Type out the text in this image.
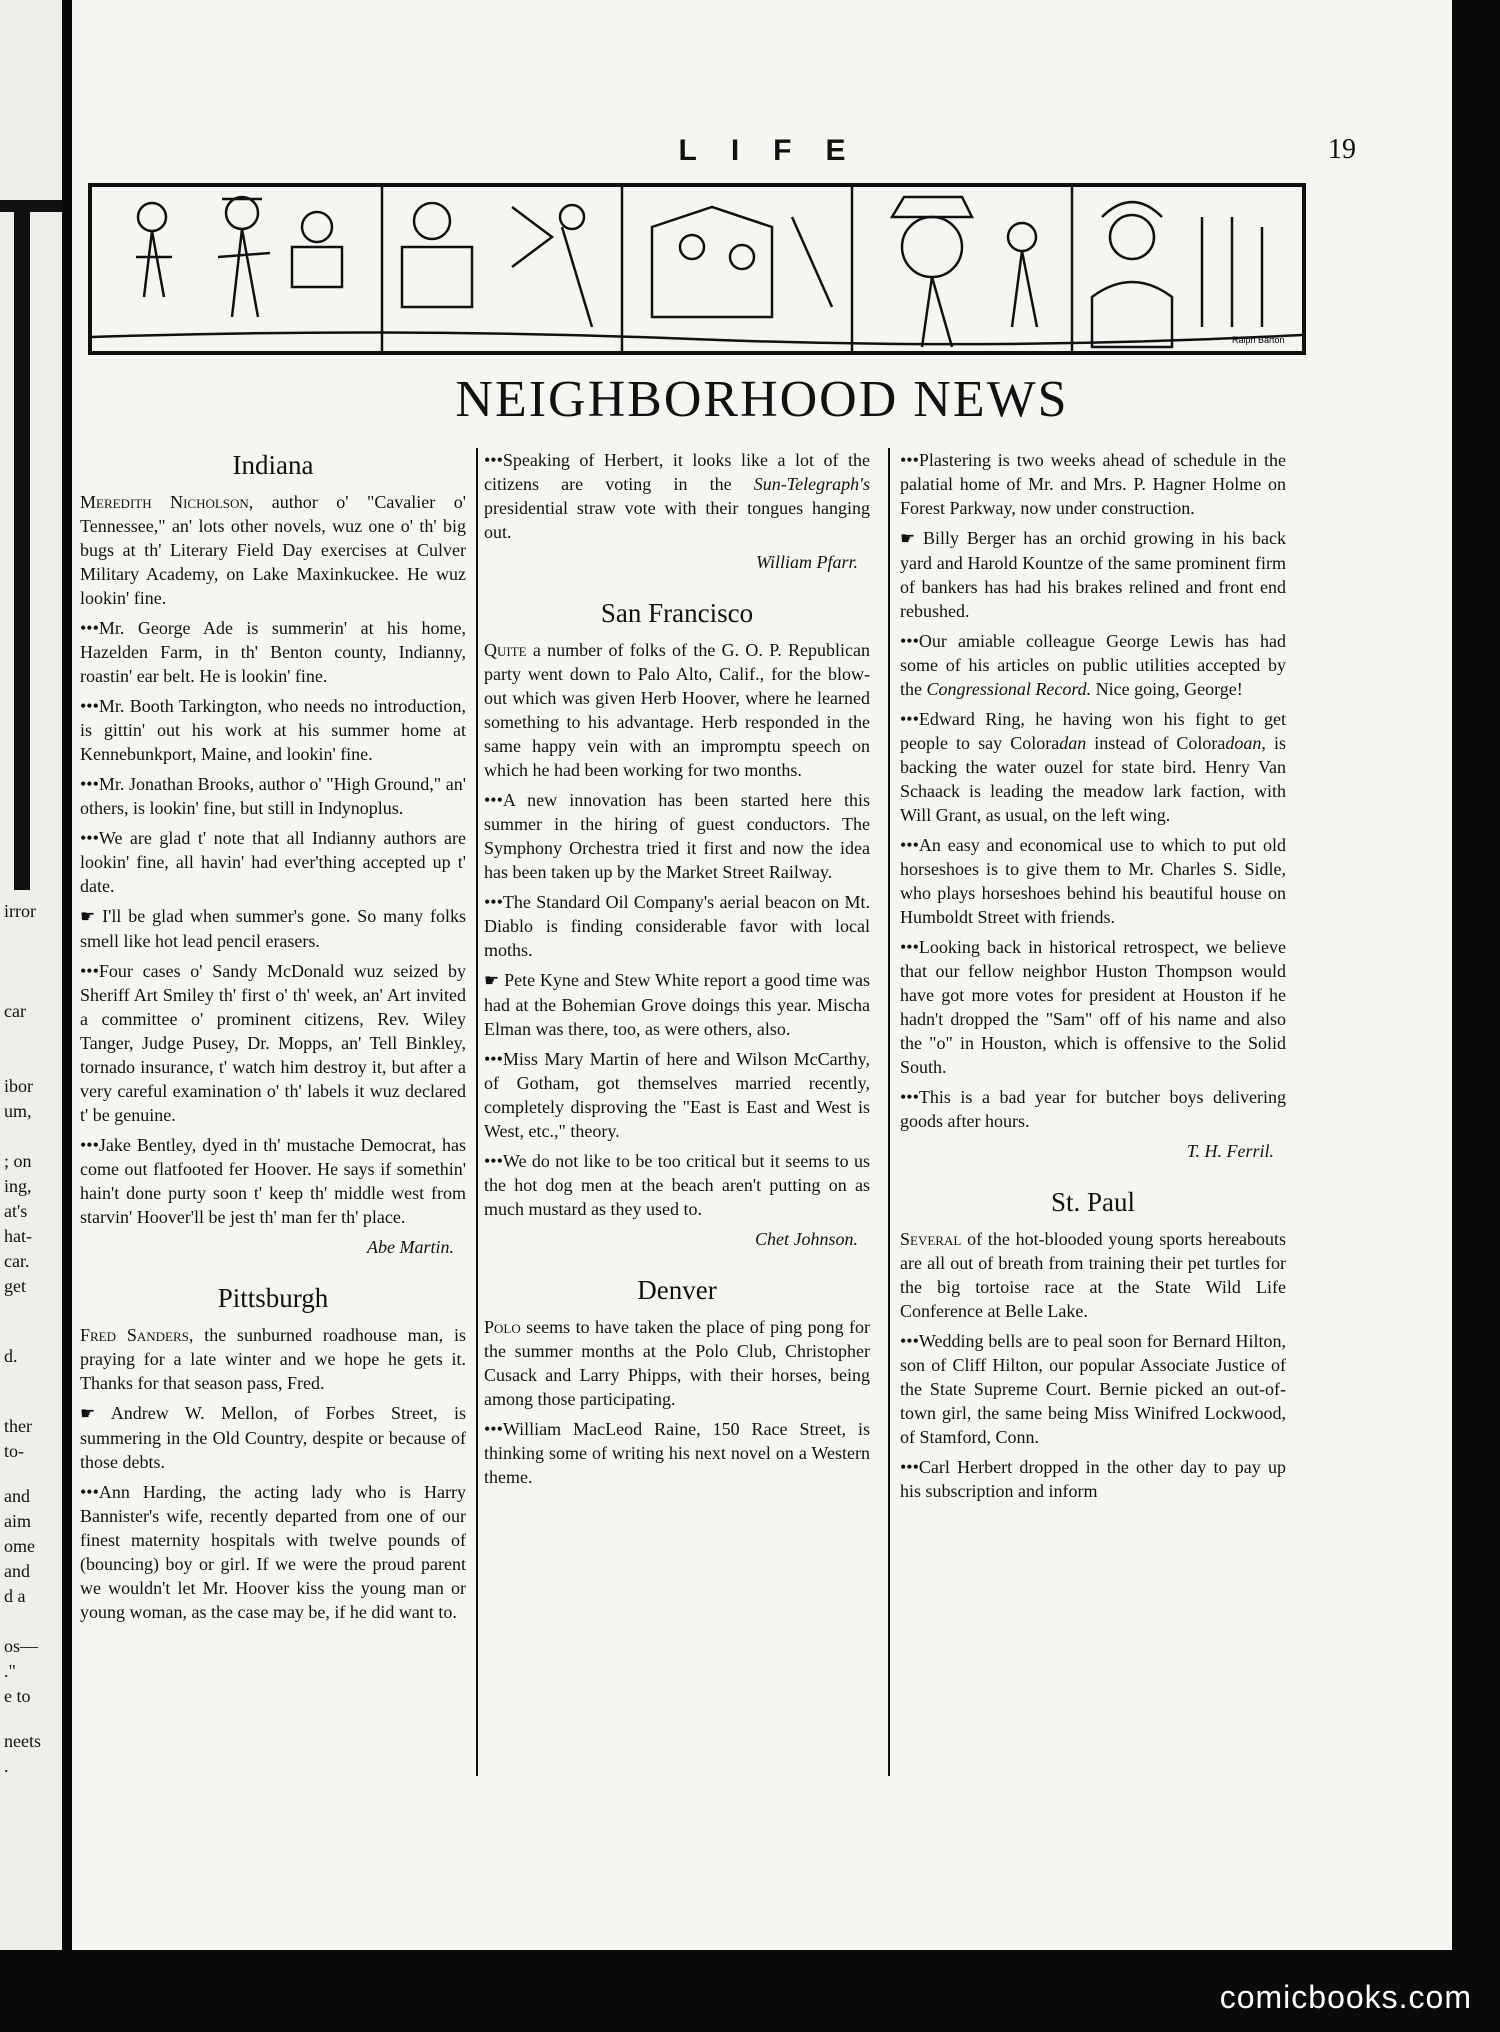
irror
car
ibor
um,
; on
ing,
at's
hat-
car.
get
d.
ther
to-
and
aim
ome
and
d a
os—
."
e to
neets
.
LIFE	19
Ralph Barton
NEIGHBORHOOD NEWS
Indiana

Meredith Nicholson, author o' "Cavalier o' Tennessee," an' lots other novels, wuz one o' th' big bugs at th' Literary Field Day exercises at Culver Military Academy, on Lake Maxinkuckee. He wuz lookin' fine.

•••Mr. George Ade is summerin' at his home, Hazelden Farm, in th' Benton county, Indianny, roastin' ear belt. He is lookin' fine.

•••Mr. Booth Tarkington, who needs no introduction, is gittin' out his work at his summer home at Kennebunkport, Maine, and lookin' fine.

•••Mr. Jonathan Brooks, author o' "High Ground," an' others, is lookin' fine, but still in Indynoplus.

•••We are glad t' note that all Indianny authors are lookin' fine, all havin' had ever'thing accepted up t' date.

☛ I'll be glad when summer's gone. So many folks smell like hot lead pencil erasers.

•••Four cases o' Sandy McDonald wuz seized by Sheriff Art Smiley th' first o' th' week, an' Art invited a committee o' prominent citizens, Rev. Wiley Tanger, Judge Pusey, Dr. Mopps, an' Tell Binkley, tornado insurance, t' watch him destroy it, but after a very careful examination o' th' labels it wuz declared t' be genuine.

•••Jake Bentley, dyed in th' mustache Democrat, has come out flatfooted fer Hoover. He says if somethin' hain't done purty soon t' keep th' middle west from starvin' Hoover'll be jest th' man fer th' place.

Abe Martin.
Pittsburgh

Fred Sanders, the sunburned roadhouse man, is praying for a late winter and we hope he gets it. Thanks for that season pass, Fred.

☛ Andrew W. Mellon, of Forbes Street, is summering in the Old Country, despite or because of those debts.

•••Ann Harding, the acting lady who is Harry Bannister's wife, recently departed from one of our finest maternity hospitals with twelve pounds of (bouncing) boy or girl. If we were the proud parent we wouldn't let Mr. Hoover kiss the young man or young woman, as the case may be, if he did want to.

•••Speaking of Herbert, it looks like a lot of the citizens are voting in the Sun-Telegraph's presidential straw vote with their tongues hanging out.

William Pfarr.
San Francisco

Quite a number of folks of the G. O. P. Republican party went down to Palo Alto, Calif., for the blow-out which was given Herb Hoover, where he learned something to his advantage. Herb responded in the same happy vein with an impromptu speech on which he had been working for two months.

•••A new innovation has been started here this summer in the hiring of guest conductors. The Symphony Orchestra tried it first and now the idea has been taken up by the Market Street Railway.

•••The Standard Oil Company's aerial beacon on Mt. Diablo is finding considerable favor with local moths.

☛ Pete Kyne and Stew White report a good time was had at the Bohemian Grove doings this year. Mischa Elman was there, too, as were others, also.

•••Miss Mary Martin of here and Wilson McCarthy, of Gotham, got themselves married recently, completely disproving the "East is East and West is West, etc.," theory.

•••We do not like to be too critical but it seems to us the hot dog men at the beach aren't putting on as much mustard as they used to.

Chet Johnson.
Denver

Polo seems to have taken the place of ping pong for the summer months at the Polo Club, Christopher Cusack and Larry Phipps, with their horses, being among those participating.

•••William MacLeod Raine, 150 Race Street, is thinking some of writing his next novel on a Western theme.

•••Plastering is two weeks ahead of schedule in the palatial home of Mr. and Mrs. P. Hagner Holme on Forest Parkway, now under construction.

☛ Billy Berger has an orchid growing in his back yard and Harold Kountze of the same prominent firm of bankers has had his brakes relined and front end rebushed.

•••Our amiable colleague George Lewis has had some of his articles on public utilities accepted by the Congressional Record. Nice going, George!

•••Edward Ring, he having won his fight to get people to say Coloradan instead of Coloradoan, is backing the water ouzel for state bird. Henry Van Schaack is leading the meadow lark faction, with Will Grant, as usual, on the left wing.

•••An easy and economical use to which to put old horseshoes is to give them to Mr. Charles S. Sidle, who plays horseshoes behind his beautiful house on Humboldt Street with friends.

•••Looking back in historical retrospect, we believe that our fellow neighbor Huston Thompson would have got more votes for president at Houston if he hadn't dropped the "Sam" off of his name and also the "o" in Houston, which is offensive to the Solid South.

•••This is a bad year for butcher boys delivering goods after hours.

T. H. Ferril.
St. Paul

Several of the hot-blooded young sports hereabouts are all out of breath from training their pet turtles for the big tortoise race at the State Wild Life Conference at Belle Lake.

•••Wedding bells are to peal soon for Bernard Hilton, son of Cliff Hilton, our popular Associate Justice of the State Supreme Court. Bernie picked an out-of-town girl, the same being Miss Winifred Lockwood, of Stamford, Conn.

•••Carl Herbert dropped in the other day to pay up his subscription and inform

comicbooks.com
